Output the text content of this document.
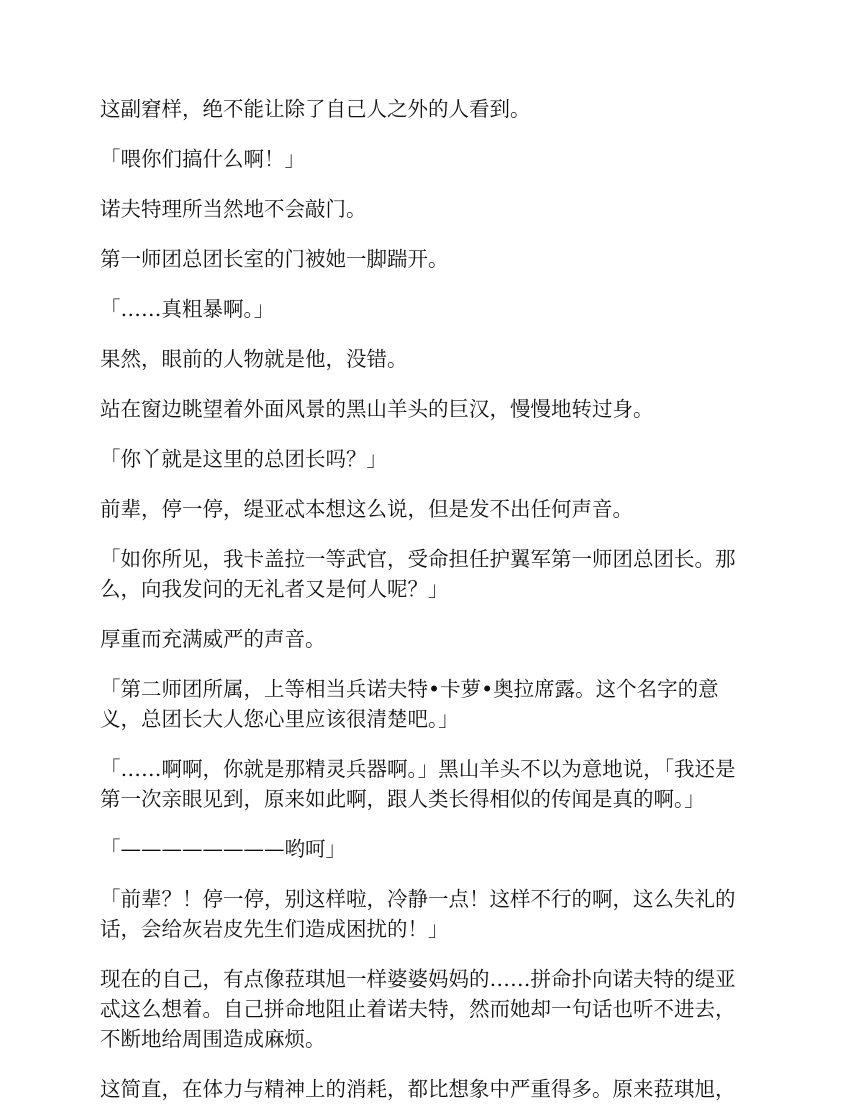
这副窘样，绝不能让除了自己人之外的人看到。

「喂你们搞什么啊！」

诺夫特理所当然地不会敲门。

第一师团总团长室的门被她一脚踹开。

「……真粗暴啊。」

果然，眼前的人物就是他，没错。

站在窗边眺望着外面风景的黑山羊头的巨汉，慢慢地转过身。

「你丫就是这里的总团长吗？」

前辈，停一停，缇亚忒本想这么说，但是发不出任何声音。

「如你所见，我卡盖拉一等武官，受命担任护翼军第一师团总团长。那么，向我发问的无礼者又是何人呢？」

厚重而充满威严的声音。

「第二师团所属，上等相当兵诺夫特•卡萝•奥拉席露。这个名字的意义，总团长大人您心里应该很清楚吧。」

「……啊啊，你就是那精灵兵器啊。」黑山羊头不以为意地说，「我还是第一次亲眼见到，原来如此啊，跟人类长得相似的传闻是真的啊。」

「————————哟呵」

「前辈？！停一停，别这样啦，冷静一点！这样不行的啊，这么失礼的话，会给灰岩皮先生们造成困扰的！」

现在的自己，有点像菈琪旭一样婆婆妈妈的……拼命扑向诺夫特的缇亚忒这么想着。自己拼命地阻止着诺夫特，然而她却一句话也听不进去，不断地给周围造成麻烦。

这简直，在体力与精神上的消耗，都比想象中严重得多。原来菈琪旭，
